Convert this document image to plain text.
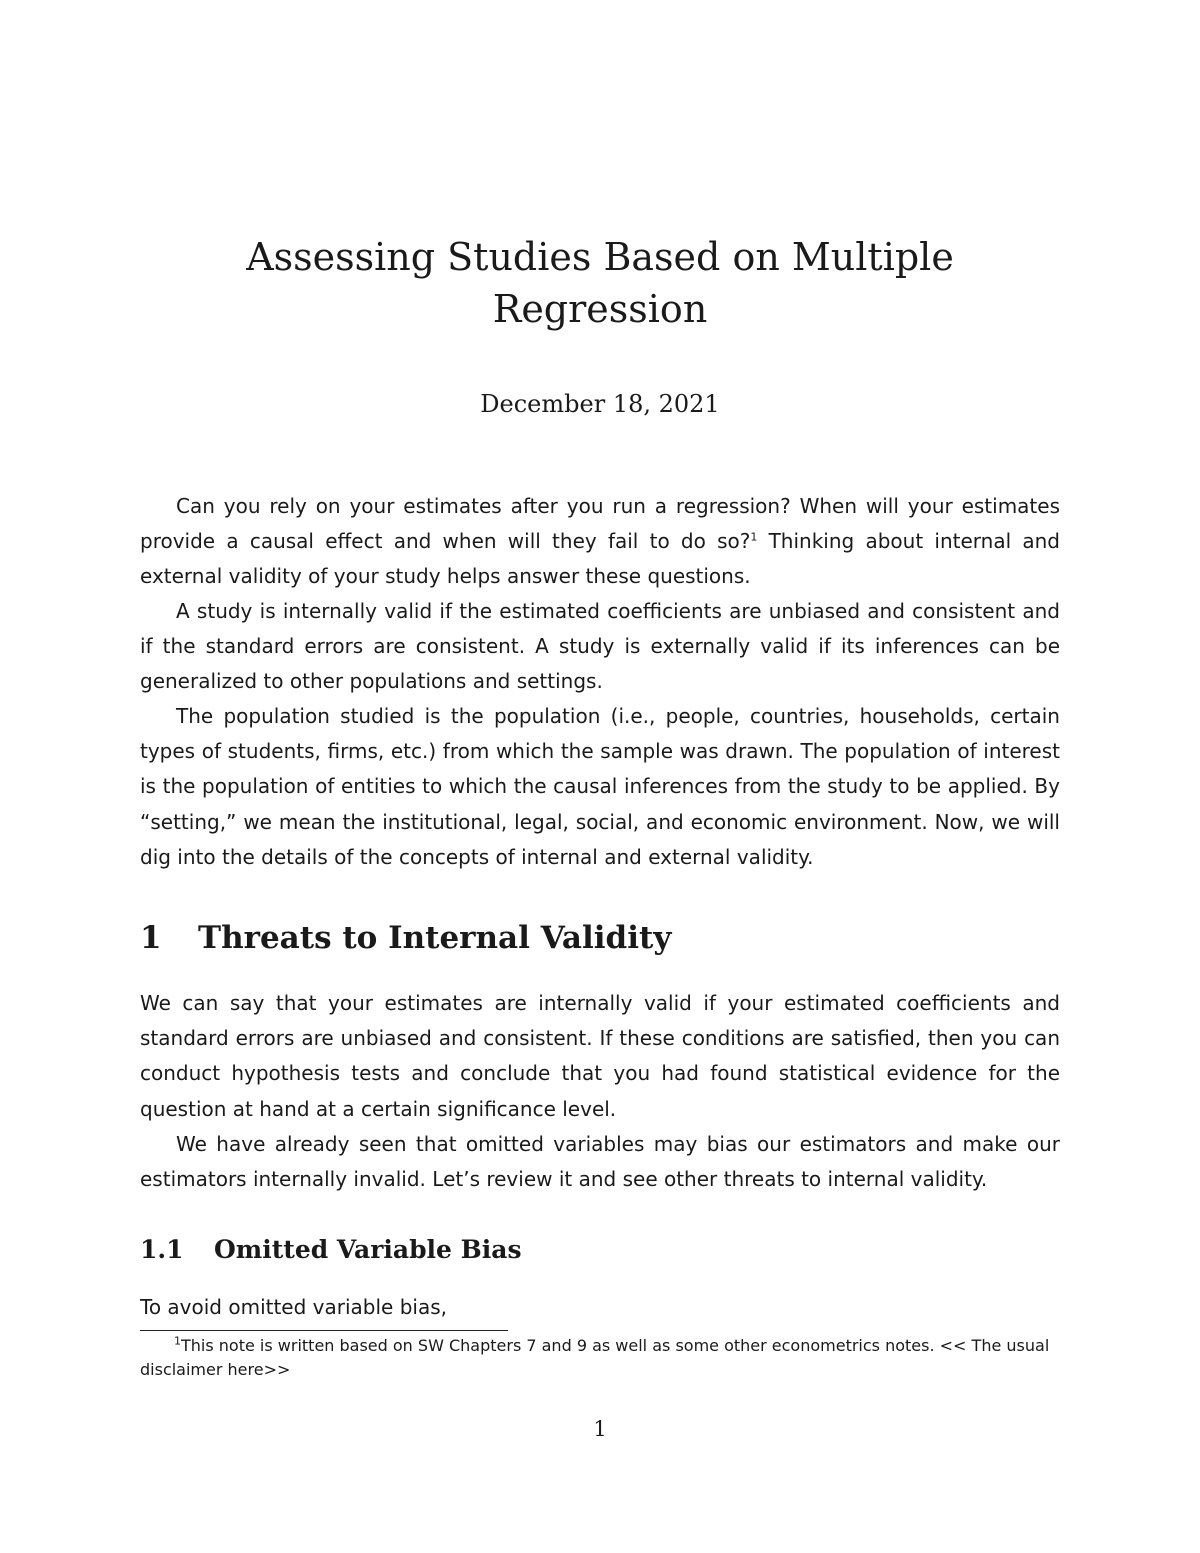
Assessing Studies Based on Multiple
Regression
December 18, 2021

Can you rely on your estimates after you run a regression? When will your estimates provide a causal effect and when will they fail to do so?$^1$ Thinking about internal and external validity of your study helps answer these questions.

A study is internally valid if the estimated coefficients are unbiased and consistent and if the standard errors are consistent. A study is externally valid if its inferences can be generalized to other populations and settings.

The population studied is the population (i.e., people, countries, households, certain types of students, firms, etc.) from which the sample was drawn. The population of interest is the population of entities to which the causal inferences from the study to be applied. By “setting,” we mean the institutional, legal, social, and economic environment. Now, we will dig into the details of the concepts of internal and external validity.

1 Threats to Internal Validity

We can say that your estimates are internally valid if your estimated coefficients and standard errors are unbiased and consistent. If these conditions are satisfied, then you can conduct hypothesis tests and conclude that you had found statistical evidence for the question at hand at a certain significance level.

We have already seen that omitted variables may bias our estimators and make our estimators internally invalid. Let’s review it and see other threats to internal validity.

1.1 Omitted Variable Bias

To avoid omitted variable bias,

$^1$This note is written based on SW Chapters 7 and 9 as well as some other econometrics notes. << The usual disclaimer here>>

1
